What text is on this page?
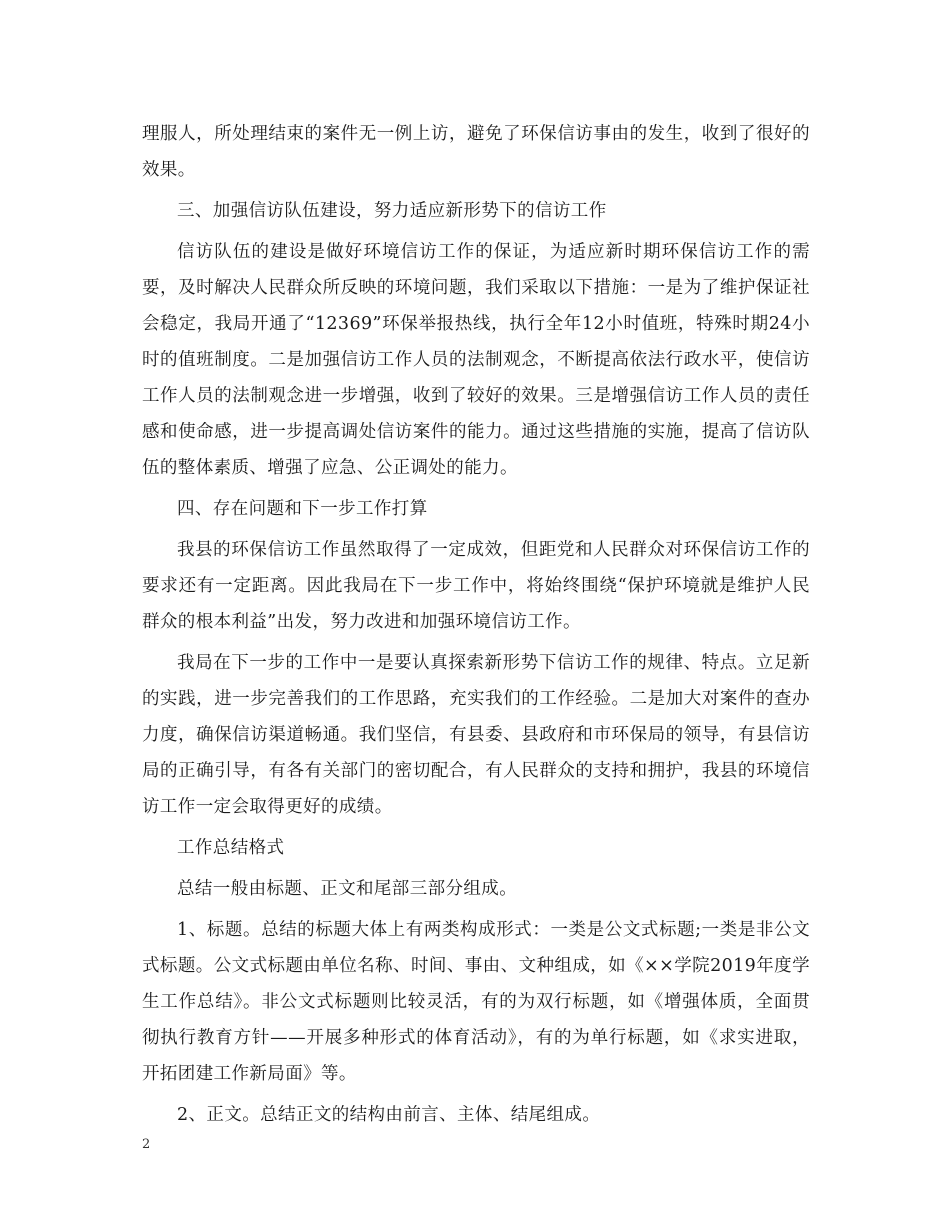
理服人，所处理结束的案件无一例上访，避免了环保信访事由的发生，收到了很好的效果。

三、加强信访队伍建设，努力适应新形势下的信访工作

信访队伍的建设是做好环境信访工作的保证，为适应新时期环保信访工作的需要，及时解决人民群众所反映的环境问题，我们采取以下措施：一是为了维护保证社会稳定，我局开通了“12369”环保举报热线，执行全年12小时值班，特殊时期24小时的值班制度。二是加强信访工作人员的法制观念，不断提高依法行政水平，使信访工作人员的法制观念进一步增强，收到了较好的效果。三是增强信访工作人员的责任感和使命感，进一步提高调处信访案件的能力。通过这些措施的实施，提高了信访队伍的整体素质、增强了应急、公正调处的能力。

四、存在问题和下一步工作打算

我县的环保信访工作虽然取得了一定成效，但距党和人民群众对环保信访工作的要求还有一定距离。因此我局在下一步工作中，将始终围绕“保护环境就是维护人民群众的根本利益”出发，努力改进和加强环境信访工作。

我局在下一步的工作中一是要认真探索新形势下信访工作的规律、特点。立足新的实践，进一步完善我们的工作思路，充实我们的工作经验。二是加大对案件的查办力度，确保信访渠道畅通。我们坚信，有县委、县政府和市环保局的领导，有县信访局的正确引导，有各有关部门的密切配合，有人民群众的支持和拥护，我县的环境信访工作一定会取得更好的成绩。

工作总结格式

总结一般由标题、正文和尾部三部分组成。

1、标题。总结的标题大体上有两类构成形式：一类是公文式标题;一类是非公文式标题。公文式标题由单位名称、时间、事由、文种组成，如《××学院2019年度学生工作总结》。非公文式标题则比较灵活，有的为双行标题，如《增强体质，全面贯彻执行教育方针——开展多种形式的体育活动》，有的为单行标题，如《求实进取，开拓团建工作新局面》等。

2、正文。总结正文的结构由前言、主体、结尾组成。

2
